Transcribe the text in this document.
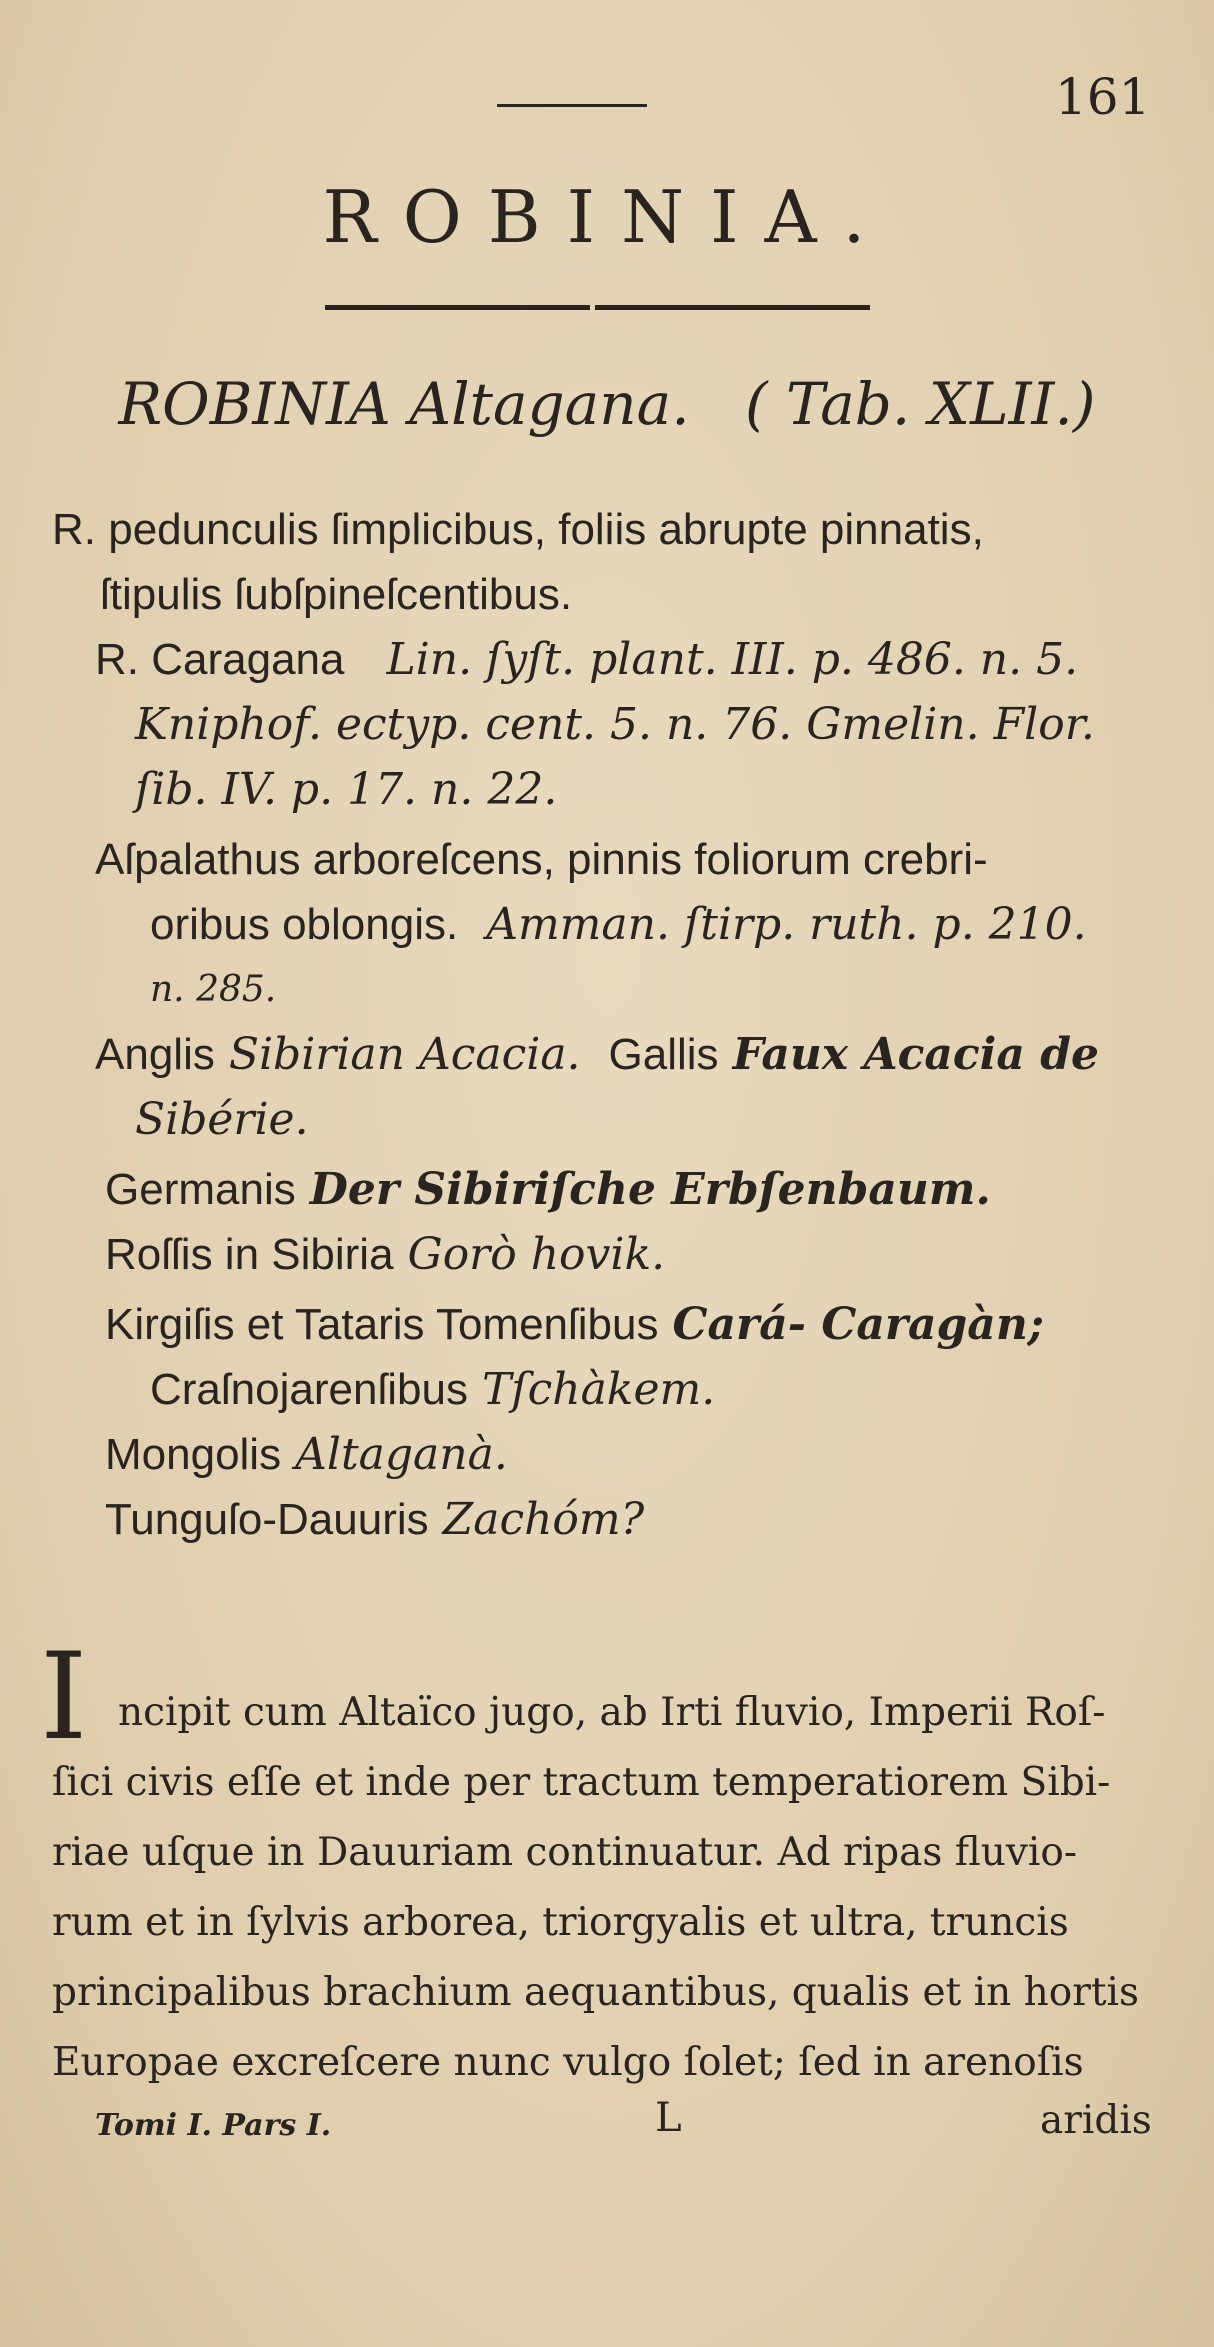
161
ROBINIA.
ROBINIA Altagana. ( Tab. XLII.)
R. pedunculis ſimplicibus, foliis abrupte pinnatis,
ſtipulis ſubſpineſcentibus.
R. Caragana Lin. ſyſt. plant. III. p. 486. n. 5.
Kniphof. ectyp. cent. 5. n. 76. Gmelin. Flor.
ſib. IV. p. 17. n. 22.
Aſpalathus arboreſcens, pinnis foliorum crebri-
oribus oblongis. Amman. ſtirp. ruth. p. 210.
n. 285.
Anglis Sibirian Acacia. Gallis Faux Acacia de
Sibérie.
Germanis Der Sibiriſche Erbſenbaum.
Roſſis in Sibiria Gorò hovik.
Kirgiſis et Tataris Tomenſibus Cará- Caragàn;
Craſnojarenſibus Tſchàkem.
Mongolis Altaganà.
Tunguſo-Dauuris Zachóm?
I ncipit cum Altaïco jugo, ab Irti fluvio, Imperii Roſ-
ſici civis eſſe et inde per tractum temperatiorem Sibi-
riae uſque in Dauuriam continuatur. Ad ripas fluvio-
rum et in ſylvis arborea, triorgyalis et ultra, truncis
principalibus brachium aequantibus, qualis et in hortis
Europae excreſcere nunc vulgo ſolet; ſed in arenoſis
Tomi I. Pars I.	L	aridis
